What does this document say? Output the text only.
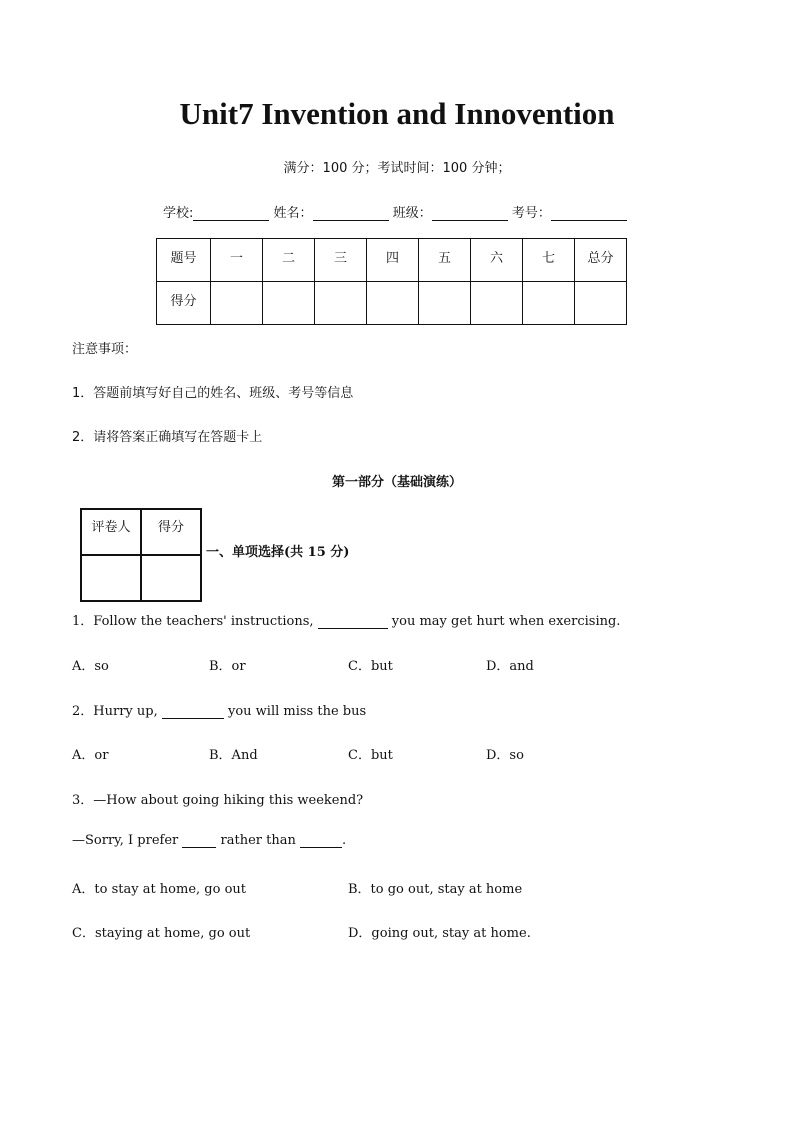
Unit7 Invention and Innovention
满分：100 分；考试时间：100 分钟；
学校:	姓名：	班级：	考号：
题号	一	二	三	四	五	六	七	总分
得分								
注意事项：
1．答题前填写好自己的姓名、班级、考号等信息
2．请将答案正确填写在答题卡上
第一部分（基础演练）
评卷人	得分

一、单项选择(共 15 分)
1．Follow the teachers' instructions,	you may get hurt when exercising.
A．so	B．or	C．but	D．and
2．Hurry up,	you will miss the bus
A．or	B．And	C．but	D．so
3．—How about going hiking this weekend?
—Sorry, I prefer	rather than	.
A．to stay at home, go out	B．to go out, stay at home
C．staying at home, go out	D．going out, stay at home.
